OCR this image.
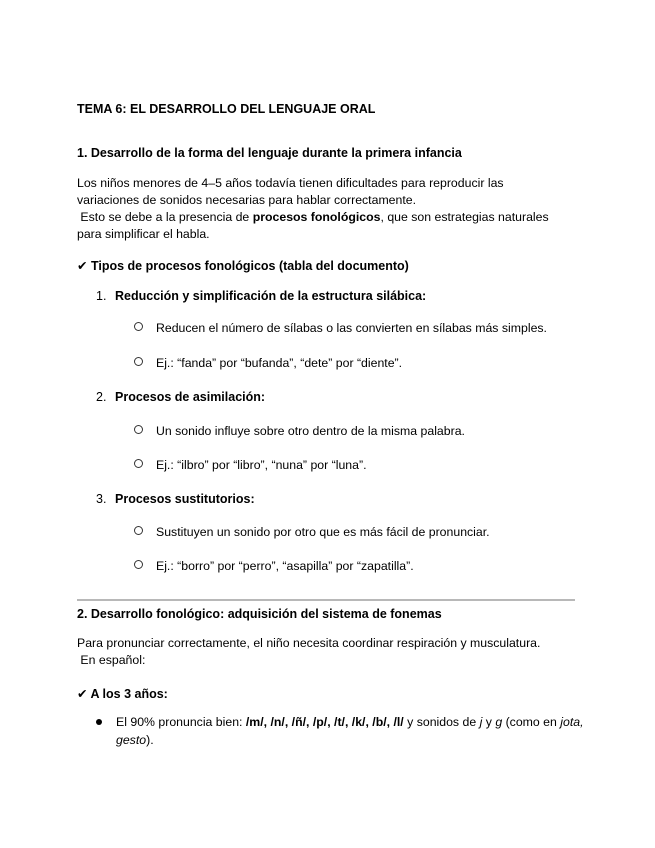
TEMA 6: EL DESARROLLO DEL LENGUAJE ORAL
1. Desarrollo de la forma del lenguaje durante la primera infancia
Los niños menores de 4–5 años todavía tienen dificultades para reproducir las
variaciones de sonidos necesarias para hablar correctamente.
Esto se debe a la presencia de procesos fonológicos, que son estrategias naturales
para simplificar el habla.
✔ Tipos de procesos fonológicos (tabla del documento)
1. Reducción y simplificación de la estructura silábica:
Reducen el número de sílabas o las convierten en sílabas más simples.
Ej.: “fanda” por “bufanda”, “dete” por “diente”.
2. Procesos de asimilación:
Un sonido influye sobre otro dentro de la misma palabra.
Ej.: “ilbro” por “libro”, “nuna” por “luna”.
3. Procesos sustitutorios:
Sustituyen un sonido por otro que es más fácil de pronunciar.
Ej.: “borro” por “perro”, “asapilla” por “zapatilla”.
2. Desarrollo fonológico: adquisición del sistema de fonemas
Para pronunciar correctamente, el niño necesita coordinar respiración y musculatura.
En español:
✔ A los 3 años:
El 90% pronuncia bien: /m/, /n/, /ñ/, /p/, /t/, /k/, /b/, /l/ y sonidos de j y g (como en jota, gesto).
